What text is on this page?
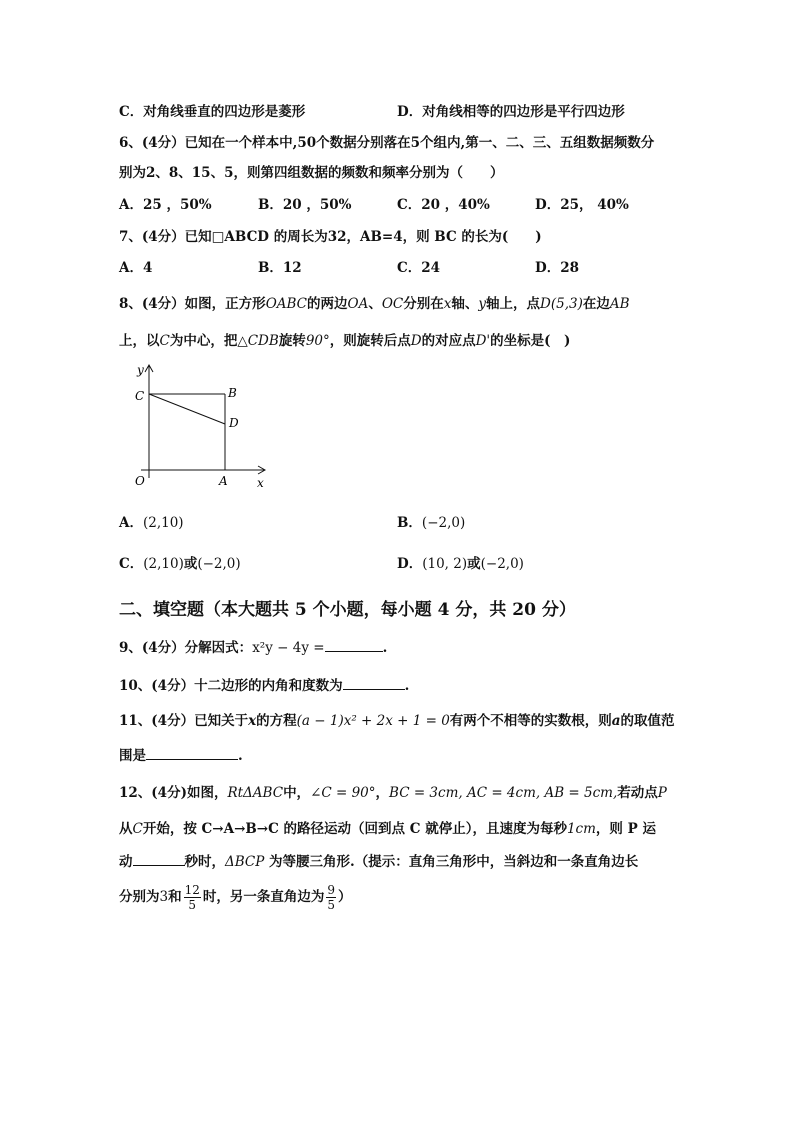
C．对角线垂直的四边形是菱形	D．对角线相等的四边形是平行四边形
6、(4分）已知在一个样本中,50个数据分别落在5个组内,第一、二、三、五组数据频数分
别为2、8、15、5，则第四组数据的频数和频率分别为（　　）
A．25 ，50%	B．20 ，50%	C．20 ，40%	D．25， 40%
7、(4分）已知□ABCD 的周长为32，AB=4，则 BC 的长为(　　)
A．4	B．12	C．24	D．28
8、(4分）如图，正方形OABC的两边OA、OC分别在x轴、y轴上，点D(5,3)在边AB
上，以C为中心，把△CDB旋转90°，则旋转后点D的对应点D'的坐标是(　)
y
C	B
D
O	A x
A．(2,10)	B．(−2,0)
C．(2,10)或(−2,0)	D．(10, 2)或(−2,0)
二、填空题（本大题共 5 个小题，每小题 4 分，共 20 分）
9、(4分）分解因式：x²y − 4y =	.
10、(4分）十二边形的内角和度数为	.
11、(4分）已知关于x的方程(a − 1)x² + 2x + 1 = 0有两个不相等的实数根，则a的取值范
围是	.
12、(4分)如图，RtΔABC中，∠C = 90°，BC = 3cm, AC = 4cm, AB = 5cm,若动点P
从C开始，按 C→A→B→C 的路径运动（回到点 C 就停止），且速度为每秒1cm，则 P 运
动	秒时，ΔBCP 为等腰三角形.（提示：直角三角形中，当斜边和一条直角边长
分别为3和 $\frac{12}{5}$ 时，另一条直角边为 $\frac{9}{5}$ ）
